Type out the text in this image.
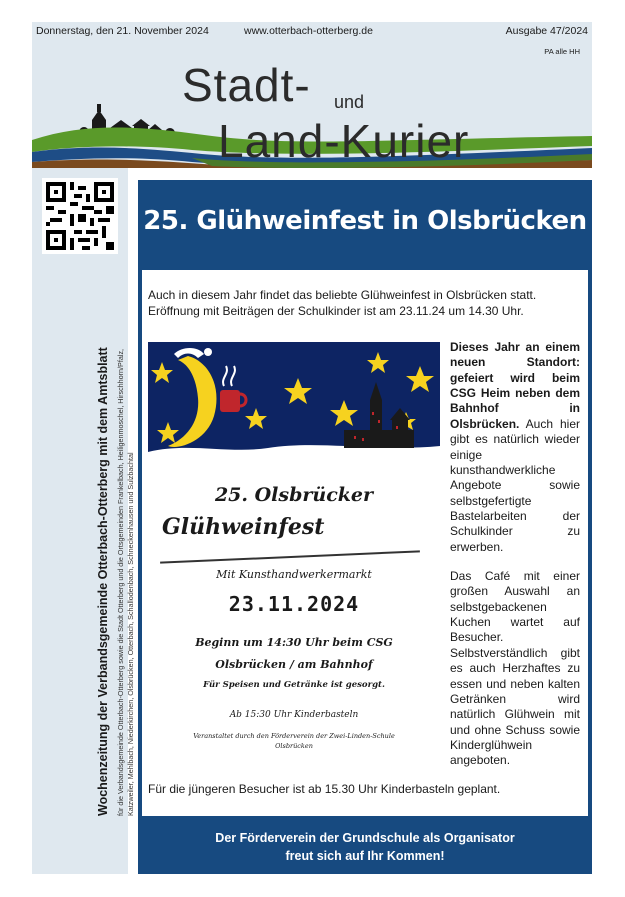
Donnerstag, den 21. November 2024	www.otterbach-otterberg.de	Ausgabe 47/2024
PA alle HH
Stadt- und
Land-Kurier
Wochenzeitung der Verbandsgemeinde Otterbach-Otterberg mit dem Amtsblatt für die Verbandsgemeinde Otterbach-Otterberg sowie die Stadt Otterberg und die Ortsgemeinden Frankelbach, Heiligenmoschel, Hirschhorn/Pfalz, Katzweiler, Mehlbach, Niederkirchen, Olsbrücken, Otterbach, Schallodenbach, Schneckenhausen und Sulzbachtal
25. Glühweinfest in Olsbrücken
Auch in diesem Jahr findet das beliebte Glühweinfest in Olsbrücken statt. Eröffnung mit Beiträgen der Schulkinder ist am 23.11.24 um 14.30 Uhr.
25. Olsbrücker
Glühweinfest
Mit Kunsthandwerkermarkt
23.11.2024
Beginn um 14:30 Uhr beim CSG
Olsbrücken / am Bahnhof
Für Speisen und Getränke ist gesorgt.
Ab 15:30 Uhr Kinderbasteln
Veranstaltet durch den Förderverein der Zwei-Linden-Schule
Olsbrücken

Dieses Jahr an einem neuen Standort: gefeiert wird beim CSG Heim neben dem Bahnhof in Olsbrücken. Auch hier gibt es natürlich wieder einige kunsthandwerkliche Angebote sowie selbstgefertigte Bastelarbeiten der Schulkinder zu erwerben.

Das Café mit einer großen Auswahl an selbstgebackenen Kuchen wartet auf Besucher. Selbstverständlich gibt es auch Herzhaftes zu essen und neben kalten Getränken wird natürlich Glühwein mit und ohne Schuss sowie Kinderglühwein angeboten.

Für die jüngeren Besucher ist ab 15.30 Uhr Kinderbasteln geplant.
Der Förderverein der Grundschule als Organisator
freut sich auf Ihr Kommen!
